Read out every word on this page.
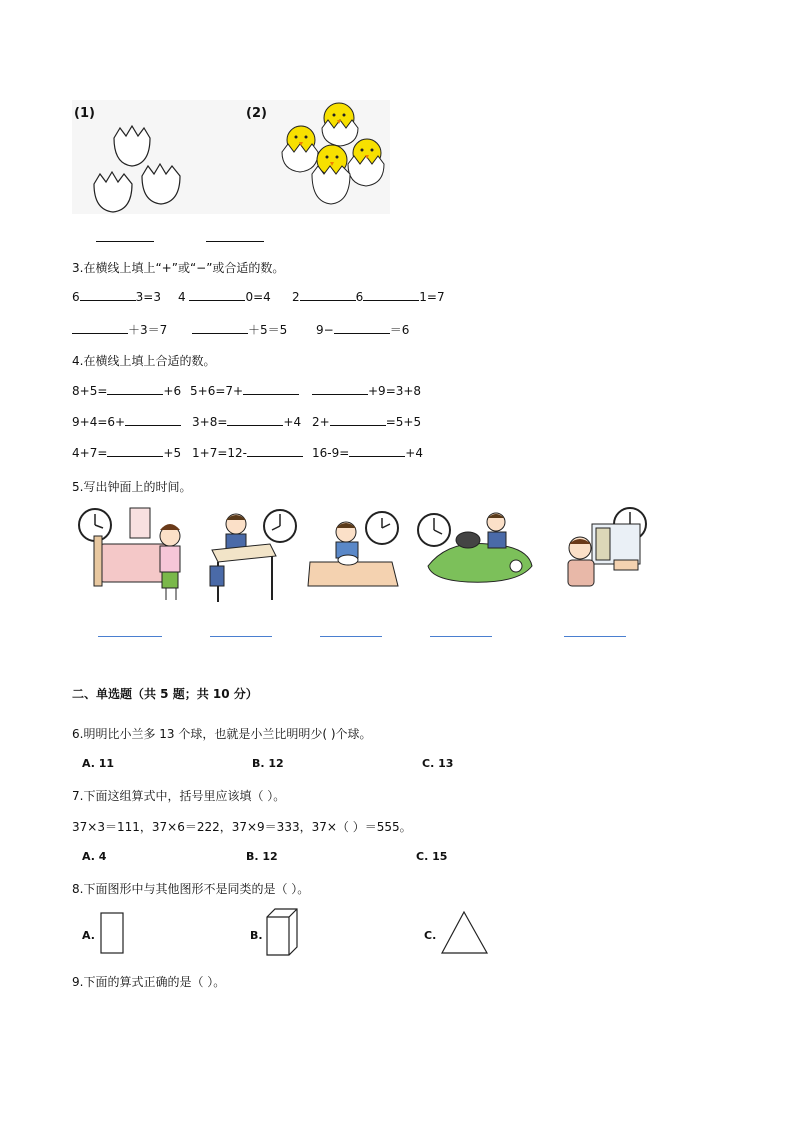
(1)	(2)
3.在横线上填上“+”或“−”或合适的数。
6	3=3 4	0=4 2	6	1=7
＋3＝7	＋5＝5 9−	＝6
4.在横线上填上合适的数。
8+5=	+6 5+6=7+	+9=3+8
9+4=6+	3+8=	+4 2+	=5+5
4+7=	+5 1+7=12-	16-9=	+4
5.写出钟面上的时间。
二、单选题（共 5 题；共 10 分）
6.明明比小兰多 13 个球，也就是小兰比明明少( )个球。
A. 11	B. 12	C. 13
7.下面这组算式中，括号里应该填（ ）。
37×3＝111，37×6＝222，37×9＝333，37×（ ）＝555。
A. 4	B. 12	C. 15
8.下面图形中与其他图形不是同类的是（ ）。
A.	B.	C.
9.下面的算式正确的是（ ）。
